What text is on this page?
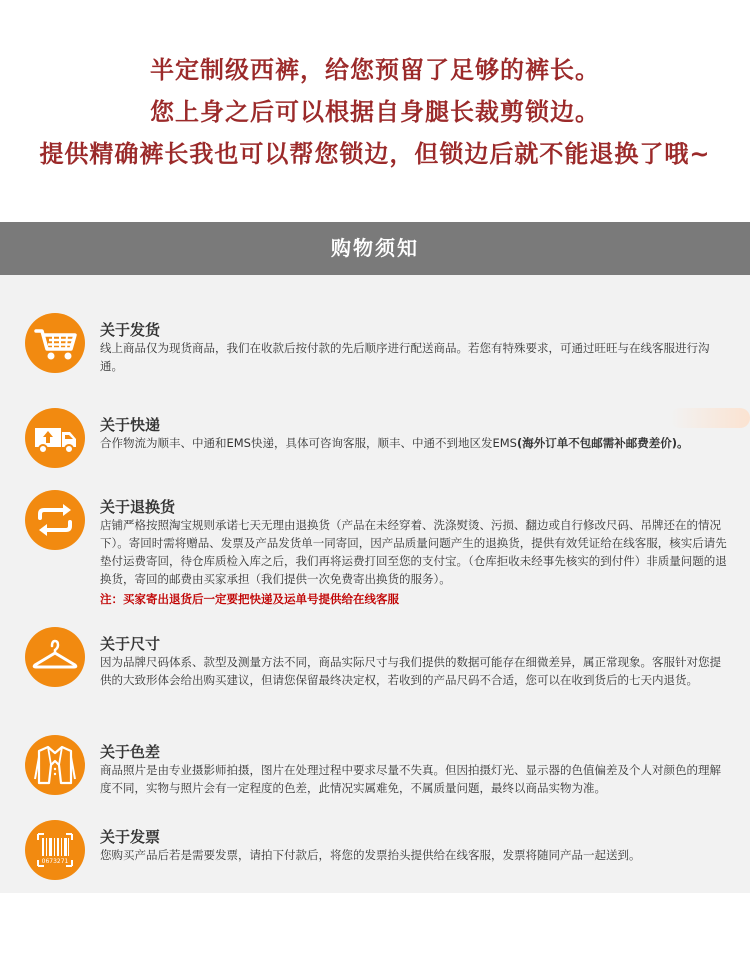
半定制级西裤，给您预留了足够的裤长。
您上身之后可以根据自身腿长裁剪锁边。
提供精确裤长我也可以帮您锁边，但锁边后就不能退换了哦~
购物须知
关于发货
线上商品仅为现货商品，我们在收款后按付款的先后顺序进行配送商品。若您有特殊要求，可通过旺旺与在线客服进行沟通。
关于快递
合作物流为顺丰、中通和EMS快递，具体可咨询客服，顺丰、中通不到地区发EMS(海外订单不包邮需补邮费差价)。
关于退换货
店铺严格按照淘宝规则承诺七天无理由退换货（产品在未经穿着、洗涤熨烫、污损、翻边或自行修改尺码、吊牌还在的情况下）。寄回时需将赠品、发票及产品发货单一同寄回，因产品质量问题产生的退换货，提供有效凭证给在线客服，核实后请先垫付运费寄回，待仓库质检入库之后，我们再将运费打回至您的支付宝。（仓库拒收未经事先核实的到付件）非质量问题的退换货，寄回的邮费由买家承担（我们提供一次免费寄出换货的服务）。
注：买家寄出退货后一定要把快递及运单号提供给在线客服
关于尺寸
因为品牌尺码体系、款型及测量方法不同，商品实际尺寸与我们提供的数据可能存在细微差异，属正常现象。客服针对您提供的大致形体会给出购买建议，但请您保留最终决定权，若收到的产品尺码不合适，您可以在收到货后的七天内退货。
关于色差
商品照片是由专业摄影师拍摄，图片在处理过程中要求尽量不失真。但因拍摄灯光、显示器的色值偏差及个人对颜色的理解度不同，实物与照片会有一定程度的色差，此情况实属难免，不属质量问题，最终以商品实物为准。
0673271
关于发票
您购买产品后若是需要发票，请拍下付款后，将您的发票抬头提供给在线客服，发票将随同产品一起送到。
